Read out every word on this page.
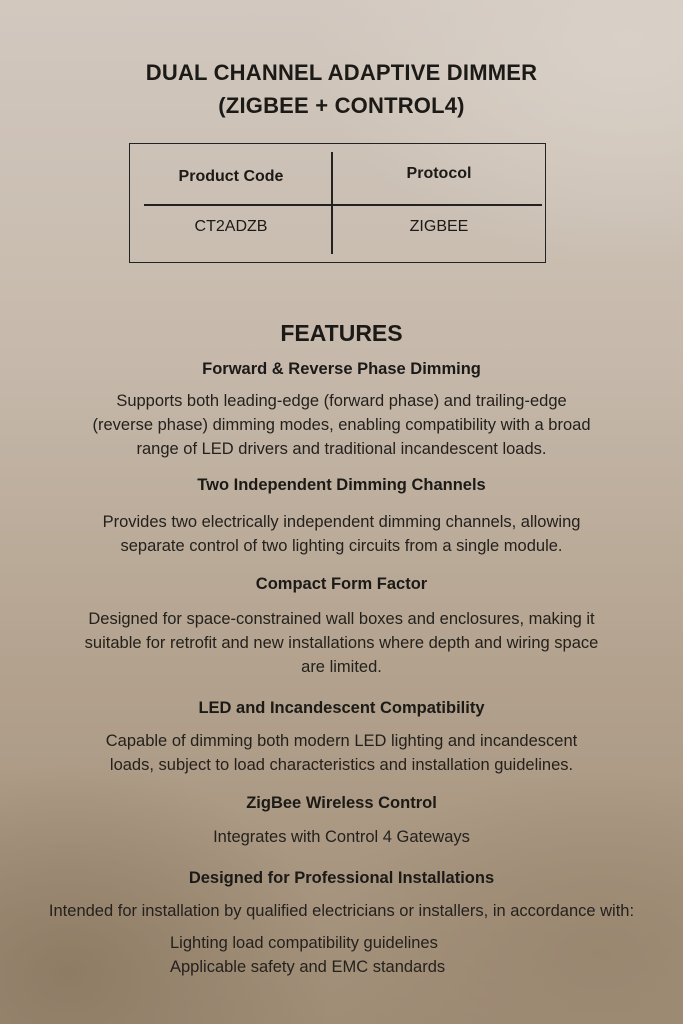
DUAL CHANNEL ADAPTIVE DIMMER
(ZIGBEE + CONTROL4)
Product Code	Protocol
CT2ADZB	ZIGBEE
FEATURES
Forward & Reverse Phase Dimming
Supports both leading-edge (forward phase) and trailing-edge
(reverse phase) dimming modes, enabling compatibility with a broad
range of LED drivers and traditional incandescent loads.
Two Independent Dimming Channels
Provides two electrically independent dimming channels, allowing
separate control of two lighting circuits from a single module.
Compact Form Factor
Designed for space-constrained wall boxes and enclosures, making it
suitable for retrofit and new installations where depth and wiring space
are limited.
LED and Incandescent Compatibility
Capable of dimming both modern LED lighting and incandescent
loads, subject to load characteristics and installation guidelines.
ZigBee Wireless Control
Integrates with Control 4 Gateways
Designed for Professional Installations
Intended for installation by qualified electricians or installers, in accordance with:
Lighting load compatibility guidelines
Applicable safety and EMC standards
